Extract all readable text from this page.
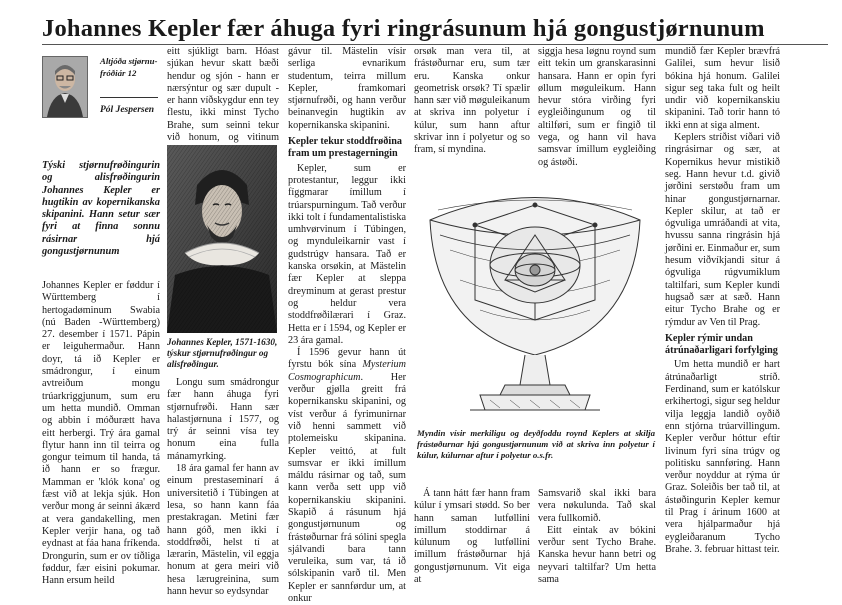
Johannes Kepler fær áhuga fyri ringrásunum hjá gongustjørnunum
Altjóða stjørnu-fróðiár 12
Pól Jespersen
Týski stjørnufrøðingurin og alisfrøðingurin Johannes Kepler er hugtikin av kopernikanska skipanini. Hann setur sær fyri at finna sonnu rásirnar hjá gongustjørnunum

Johannes Kepler er føddur í Württemberg í hertogadøminum Swabia (nú Baden -Württemberg) 27. desember í 1571. Pápin er leiguhermaður. Hann doyr, tá ið Kepler er smádrongur, í einum avtreiðum mongu trúarkriggjunum, sum eru um hetta mundið. Omman og abbin í móðurætt hava eitt herbergi. Trý ára gamal flytur hann inn til teirra og gongur teimum til handa, tá ið hann er so frægur. Mamman er 'klók kona' og fæst við at lekja sjúk. Hon verður mong ár seinni ákærd at vera gandakelling, men Kepler verjir hana, og tað eydnast at fáa hana fríkenda. Drongurin, sum er ov tíðliga føddur, fær eisini pokumar. Hann ersum heild

eitt sjúkligt barn. Hóast sjúkan hevur skatt bæði hendur og sjón - hann er nærsýntur og sær dupult - er hann víðskygdur enn tey flestu, ikki minst Tycho Brahe, sum seinni tekur við honum, og vitinum

Johannes Kepler, 1571-1630, týskur stjørnufrøðingur og alisfrøðingur.

Longu sum smádrongur fær hann áhuga fyri stjørnufrøði. Hann sær halastjørnuna í 1577, og trý ár seinni vísa tey honum eina fulla mánamyrking.

18 ára gamal fer hann av einum prestaseminarí á universitetið í Tübingen at lesa, so hann kann fáa prestakragan. Metini fær hann góð, men ikki í stoddfrøði, helst tí at lærarin, Mästelin, vil eggja honum at gera meiri við hesa lærugreinina, sum hann hevur so eydsyndar

gávur til. Mästelin vísir serliga evnarikum studentum, teirra millum Kepler, framkomari stjørnufrøði, og hann verður beinanvegin hugtikin av kopernikanska skipanini.

Kepler tekur stoddfrøðina fram um prestagerningin

Kepler, sum er protestantur, leggur ikki fíggmarar ímillum í trúarspurningum. Tað verður ikki tolt í fundamentalistiska umhvørvinum í Túbingen, og mynduleikarnir vast í gudstrúgv hansara. Tað er kanska orsøkin, at Mästelin fær Kepler at sleppa dreyminum at gerast prestur og heldur vera stoddfrøðilærari í Graz. Hetta er í 1594, og Kepler er 23 ára gamal.

Í 1596 gevur hann út fyrstu bók sína Mysterium Cosmographicum. Her verður gjølla greitt frá kopernikansku skipanini, og víst verður á fyrimunirnar við henni sammett við ptolemeisku skipanina. Kepler veittó, at fult sumsvar er ikki ímillum máldu rásirnar og tað, sum kann verða sett upp við kopernikanskiu skipanini. Skapið á rásunum hjá gongustjørnunum og frástøðurnar frá sólini spegla sjálvandi bara tann veruleika, sum var, tá ið sólskipanin varð til. Men Kepler er sannførdur um, at onkur

orsøk man vera til, at frástøðurnar eru, sum tær eru. Kanska onkur geometrisk orsøk? Tí spælir hann sær við møguleikanum at skriva inn polyetur í kúlur, sum hann aftur skrivar inn í polyetur og so fram, sí myndina.

siggja hesa løgnu roynd sum eitt tekin um granskarasinni hansara. Hann er opin fyri øllum møguleikum. Hann hevur stóra virðing fyri eygleiðingunum og til altilføri, sum er fingið til vega, og hann vil hava samsvar ímillum eygleiðing og ástøði.

Myndin vísir merkiligu og deyðfoddu roynd Keplers at skilja frástøðurnar hjá gongustjørnunum við at skriva inn polyetur í kúlur, kúlurnar aftur í polyetur o.s.fr.

Á tann hátt fær hann fram kúlur í ymsari stødd. So ber hann saman lutføllini ímillum stoddirnar á kúlunum og lutføllini ímillum frástøðurnar hjá gongustjørnunum. Vit eiga at

Samsvarið skal ikki bara vera nøkulunda. Tað skal vera fullkomið.

Eitt eintak av bókini verður sent Tycho Brahe. Kanska hevur hann betri og neyvari taltilfar? Um hetta sama

mundið fær Kepler brævfrá Galilei, sum hevur lisið bókina hjá honum. Galilei sigur seg taka fult og heilt undir við kopernikanskiu skipanini. Tað torir hann tó ikki enn at siga alment.

Keplers stríðist víðari við ringrásirnar og sær, at Kopernikus hevur mistikið seg. Hann hevur t.d. givið jørðini serstøðu fram um hinar gongustjørnarnar. Kepler skilur, at tað er ógvuliga umráðandi at vita, hvussu sanna ringrásin hjá jørðini er. Einmaður er, sum hesum viðvíkjandi situr á ógvuliga rúgvumiklum taltilfari, sum Kepler kundi hugsað sær at sæð. Hann eitur Tycho Brahe og er rýmdur av Ven til Prag.

Kepler rýmir undan átrúnaðarligari forfylging

Um hetta mundið er hart átrúnaðarligt stríð. Ferdinand, sum er katólskur erkihertogi, sigur seg heldur vilja leggja landið oyðið enn stjórna trúarvillingum. Kepler verður hóttur eftir livinum fyri sína trúgv og politisku sannføring. Hann verður noyddur at rýma úr Graz. Soleiðis ber tað til, at ástøðingurin Kepler kemur til Prag í árinum 1600 at vera hjálparmaður hjá eygleiðaranum Tycho Brahe. 3. februar hittast teir.
